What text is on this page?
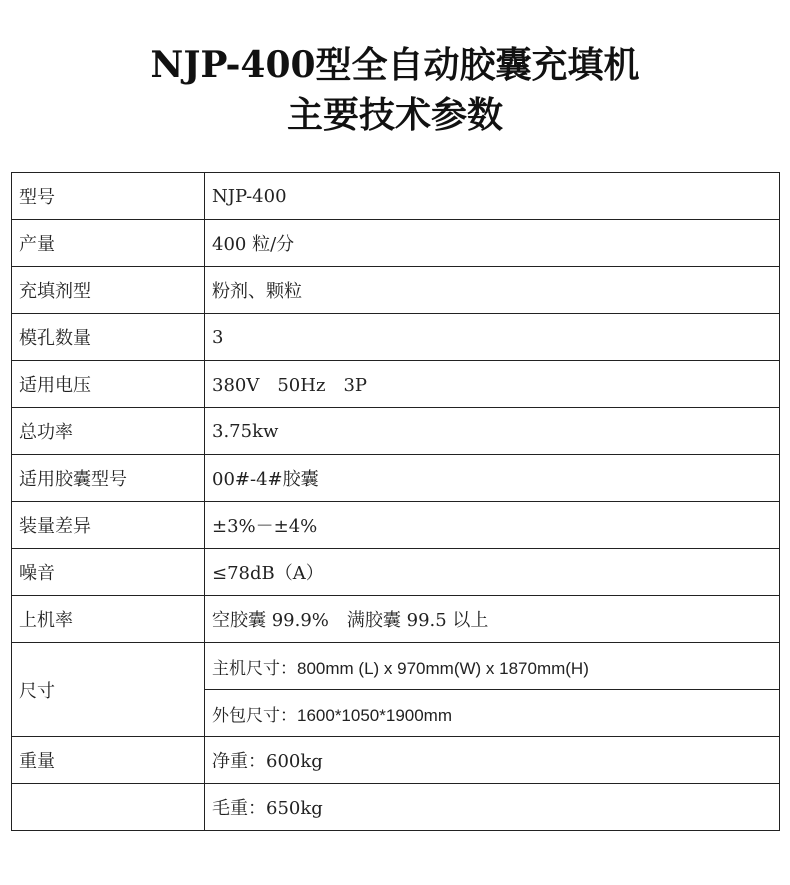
NJP-400型全自动胶囊充填机
主要技术参数
型号	NJP-400
产量	400 粒/分
充填剂型	粉剂、颗粒
模孔数量	3
适用电压	380V　50Hz　3P
总功率	3.75kw
适用胶囊型号	00#-4#胶囊
装量差异	±3%－±4%
噪音	≤78dB（A）
上机率	空胶囊 99.9%　满胶囊 99.5 以上
尺寸	主机尺寸：800mm (L) x 970mm(W) x 1870mm(H)
	外包尺寸：1600*1050*1900mm
重量	净重：600kg
	毛重：650kg
